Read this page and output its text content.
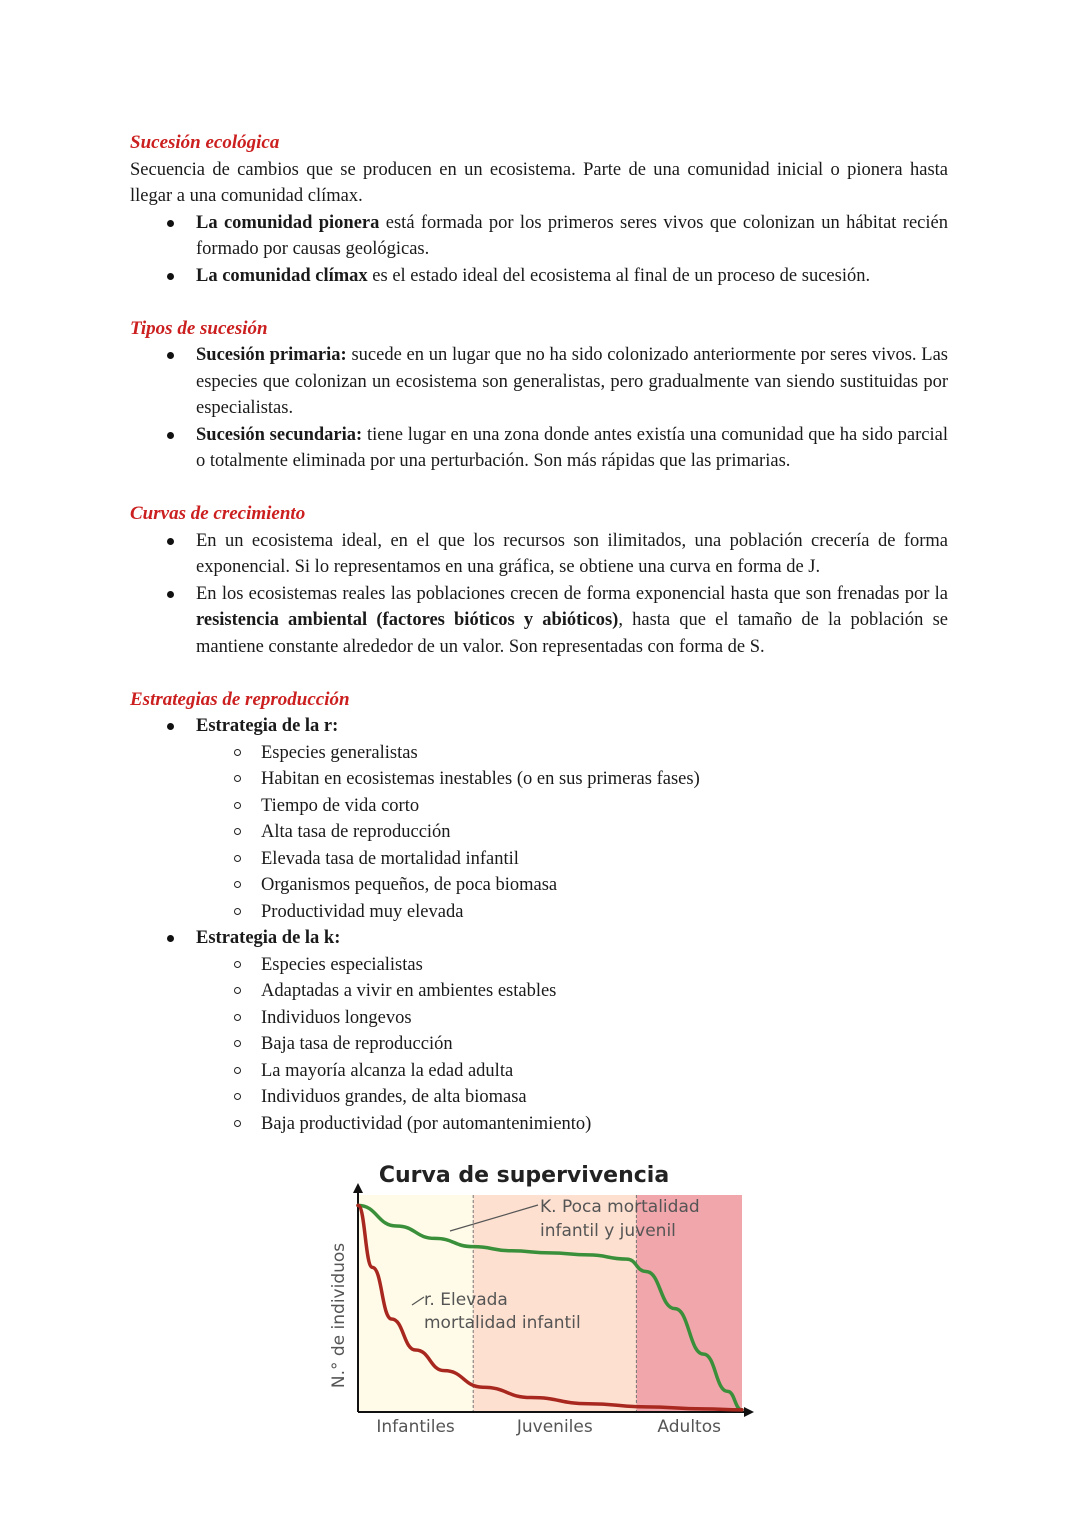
Sucesión ecológica

Secuencia de cambios que se producen en un ecosistema. Parte de una comunidad inicial o pionera hasta llegar a una comunidad clímax.

La comunidad pionera está formada por los primeros seres vivos que colonizan un hábitat recién formado por causas geológicas.
La comunidad clímax es el estado ideal del ecosistema al final de un proceso de sucesión.

Tipos de sucesión

Sucesión primaria: sucede en un lugar que no ha sido colonizado anteriormente por seres vivos. Las especies que colonizan un ecosistema son generalistas, pero gradualmente van siendo sustituidas por especialistas.
Sucesión secundaria: tiene lugar en una zona donde antes existía una comunidad que ha sido parcial o totalmente eliminada por una perturbación. Son más rápidas que las primarias.

Curvas de crecimiento

En un ecosistema ideal, en el que los recursos son ilimitados, una población crecería de forma exponencial. Si lo representamos en una gráfica, se obtiene una curva en forma de J.
En los ecosistemas reales las poblaciones crecen de forma exponencial hasta que son frenadas por la resistencia ambiental (factores bióticos y abióticos), hasta que el tamaño de la población se mantiene constante alrededor de un valor. Son representadas con forma de S.

Estrategias de reproducción

Estrategia de la r:
Especies generalistas
Habitan en ecosistemas inestables (o en sus primeras fases)
Tiempo de vida corto
Alta tasa de reproducción
Elevada tasa de mortalidad infantil
Organismos pequeños, de poca biomasa
Productividad muy elevada
Estrategia de la k:
Especies especialistas
Adaptadas a vivir en ambientes estables
Individuos longevos
Baja tasa de reproducción
La mayoría alcanza la edad adulta
Individuos grandes, de alta biomasa
Baja productividad (por automantenimiento)
Curva de supervivencia
N.° de individuos
Infantiles	Juveniles	Adultos
K. Poca mortalidad
infantil y juvenil
r. Elevada
mortalidad infantil
